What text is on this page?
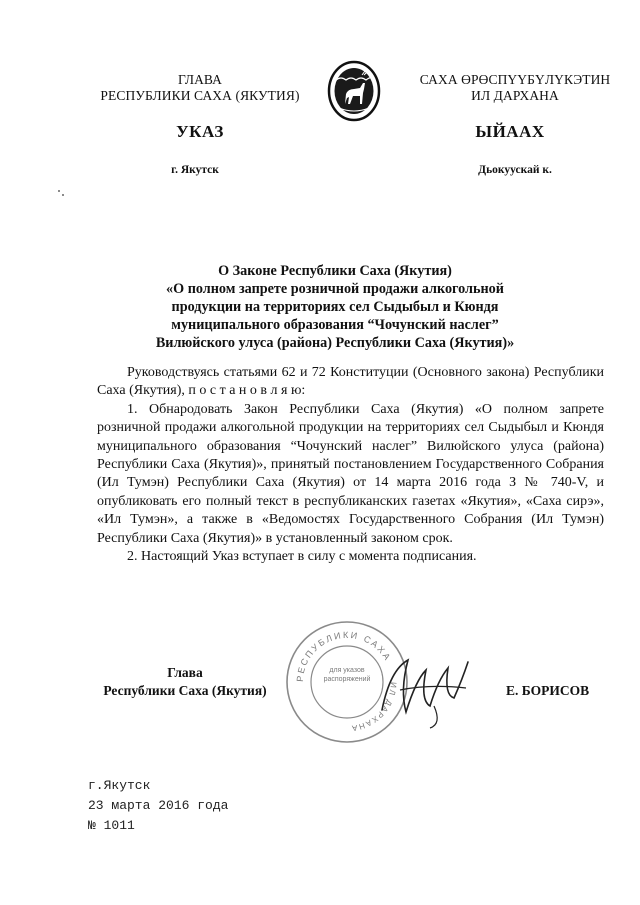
ГЛАВА
РЕСПУБЛИКИ САХА (ЯКУТИЯ)
САХА ӨРӨСПҮҮБҮЛҮКЭТИН
ИЛ ДАРХАНА
УКАЗ	ЫЙААХ
г. Якутск	Дьокуускай к.
О Законе Республики Саха (Якутия)
«О полном запрете розничной продажи алкогольной
продукции на территориях сел Сыдыбыл и Кюндя
муниципального образования “Чочунский наслег”
Вилюйского улуса (района) Республики Саха (Якутия)»

Руководствуясь статьями 62 и 72 Конституции (Основного закона) Республики Саха (Якутия), п о с т а н о в л я ю:

1. Обнародовать Закон Республики Саха (Якутия) «О полном запрете розничной продажи алкогольной продукции на территориях сел Сыдыбыл и Кюндя муниципального образования “Чочунский наслег” Вилюйского улуса (района) Республики Саха (Якутия)», принятый постановлением Государственного Собрания (Ил Тумэн) Республики Саха (Якутия) от 14 марта 2016 года З № 740-V, и опубликовать его полный текст в республиканских газетах «Якутия», «Саха сирэ», «Ил Тумэн», а также в «Ведомостях Государственного Собрания (Ил Тумэн) Республики Саха (Якутия)» в установленный законом срок.

2. Настоящий Указ вступает в силу с момента подписания.

РЕСПУБЛИКИ САХА
ИЛ ДАРХАНА
для указов распоряжений
Глава
Республики Саха (Якутия)	Е. БОРИСОВ
г.Якутск
23 марта 2016 года
№ 1011
